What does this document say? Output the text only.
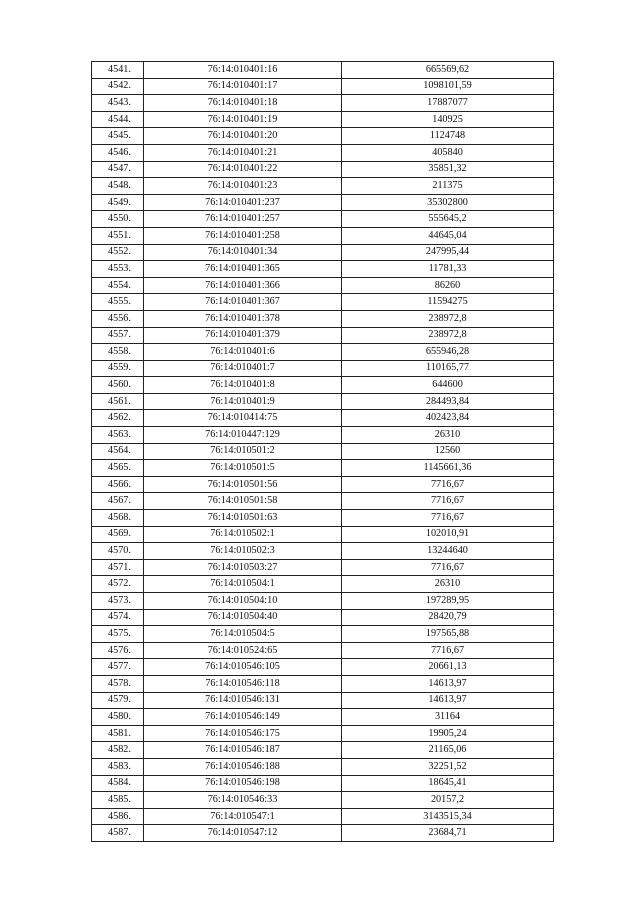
4541.	76:14:010401:16	665569,62
4542.	76:14:010401:17	1098101,59
4543.	76:14:010401:18	17887077
4544.	76:14:010401:19	140925
4545.	76:14:010401:20	1124748
4546.	76:14:010401:21	405840
4547.	76:14:010401:22	35851,32
4548.	76:14:010401:23	211375
4549.	76:14:010401:237	35302800
4550.	76:14:010401:257	555645,2
4551.	76:14:010401:258	44645,04
4552.	76:14:010401:34	247995,44
4553.	76:14:010401:365	11781,33
4554.	76:14:010401:366	86260
4555.	76:14:010401:367	11594275
4556.	76:14:010401:378	238972,8
4557.	76:14:010401:379	238972,8
4558.	76:14:010401:6	655946,28
4559.	76:14:010401:7	110165,77
4560.	76:14:010401:8	644600
4561.	76:14:010401:9	284493,84
4562.	76:14:010414:75	402423,84
4563.	76:14:010447:129	26310
4564.	76:14:010501:2	12560
4565.	76:14:010501:5	1145661,36
4566.	76:14:010501:56	7716,67
4567.	76:14:010501:58	7716,67
4568.	76:14:010501:63	7716,67
4569.	76:14:010502:1	102010,91
4570.	76:14:010502:3	13244640
4571.	76:14:010503:27	7716,67
4572.	76:14:010504:1	26310
4573.	76:14:010504:10	197289,95
4574.	76:14:010504:40	28420,79
4575.	76:14:010504:5	197565,88
4576.	76:14:010524:65	7716,67
4577.	76:14:010546:105	20661,13
4578.	76:14:010546:118	14613,97
4579.	76:14:010546:131	14613,97
4580.	76:14:010546:149	31164
4581.	76:14:010546:175	19905,24
4582.	76:14:010546:187	21165,06
4583.	76:14:010546:188	32251,52
4584.	76:14:010546:198	18645,41
4585.	76:14:010546:33	20157,2
4586.	76:14:010547:1	3143515,34
4587.	76:14:010547:12	23684,71
